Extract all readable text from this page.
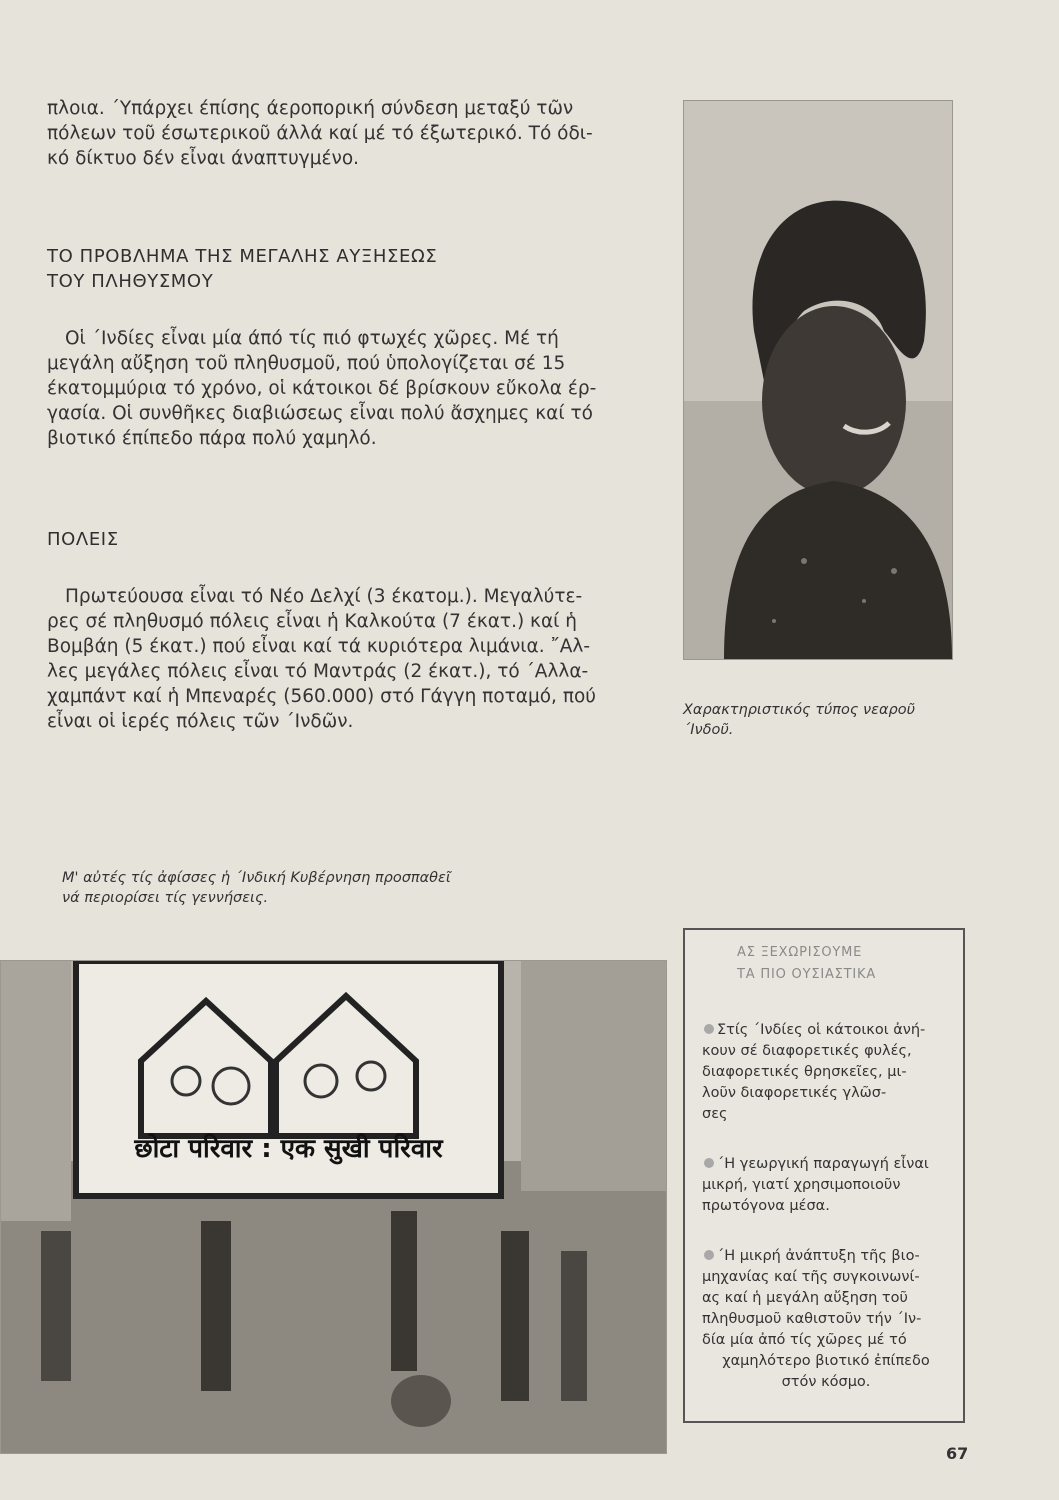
πλοια. ΄Υπάρχει έπίσης άεροπορική σύνδεση μεταξύ τῶν
πόλεων τοῦ έσωτερικοῦ άλλά καί μέ τό έξωτερικό. Τό όδι-
κό δίκτυο δέν εἶναι άναπτυγμένο.
ΤΟ ΠΡΟΒΛΗΜΑ ΤΗΣ ΜΕΓΑΛΗΣ ΑΥΞΗΣΕΩΣ
ΤΟΥ ΠΛΗΘΥΣΜΟΥ
Οἱ ΄Ινδίες εἶναι μία άπό τίς πιό φτωχές χῶρες. Μέ τή
μεγάλη αὔξηση τοῦ πληθυσμοῦ, πού ὑπολογίζεται σέ 15
έκατομμύρια τό χρόνο, οἱ κάτοικοι δέ βρίσκουν εὔκολα έρ-
γασία. Οἱ συνθῆκες διαβιώσεως εἶναι πολύ ἄσχημες καί τό
βιοτικό έπίπεδο πάρα πολύ χαμηλό.
ΠΟΛΕΙΣ
Πρωτεύουσα εἶναι τό Νέο Δελχί (3 έκατομ.). Μεγαλύτε-
ρες σέ πληθυσμό πόλεις εἶναι ἡ Καλκούτα (7 έκατ.) καί ἡ
Βομβάη (5 έκατ.) πού εἶναι καί τά κυριότερα λιμάνια. ῎Αλ-
λες μεγάλες πόλεις εἶναι τό Μαντράς (2 έκατ.), τό ΄Αλλα-
χαμπάντ καί ἡ Μπεναρές (560.000) στό Γάγγη ποταμό, πού
εἶναι οἱ ἱερές πόλεις τῶν ΄Ινδῶν.
Χαρακτηριστικός τύπος νεαροῦ
΄Ινδοῦ.
Μ' αὐτές τίς ἀφίσσες ἡ ΄Ινδική Κυβέρνηση προσπαθεῖ
νά περιορίσει τίς γεννήσεις.
छोटा परिवार : एक सुखी परिवार
ΑΣ ΞΕΧΩΡΙΣΟΥΜΕ
ΤΑ ΠΙΟ ΟΥΣΙΑΣΤΙΚΑ
Στίς ΄Ινδίες οἱ κάτοικοι ἀνή-
κουν σέ διαφορετικές φυλές,
διαφορετικές θρησκεῖες, μι-
λοῦν διαφορετικές γλῶσ-
σες
΄Η γεωργική παραγωγή εἶναι
μικρή, γιατί χρησιμοποιοῦν
πρωτόγονα μέσα.
΄Η μικρή ἀνάπτυξη τῆς βιο-
μηχανίας καί τῆς συγκοινωνί-
ας καί ἡ μεγάλη αὔξηση τοῦ
πληθυσμοῦ καθιστοῦν τήν ΄Ιν-
δία μία ἀπό τίς χῶρες μέ τό
χαμηλότερο βιοτικό ἐπίπεδο
στόν κόσμο.
67
